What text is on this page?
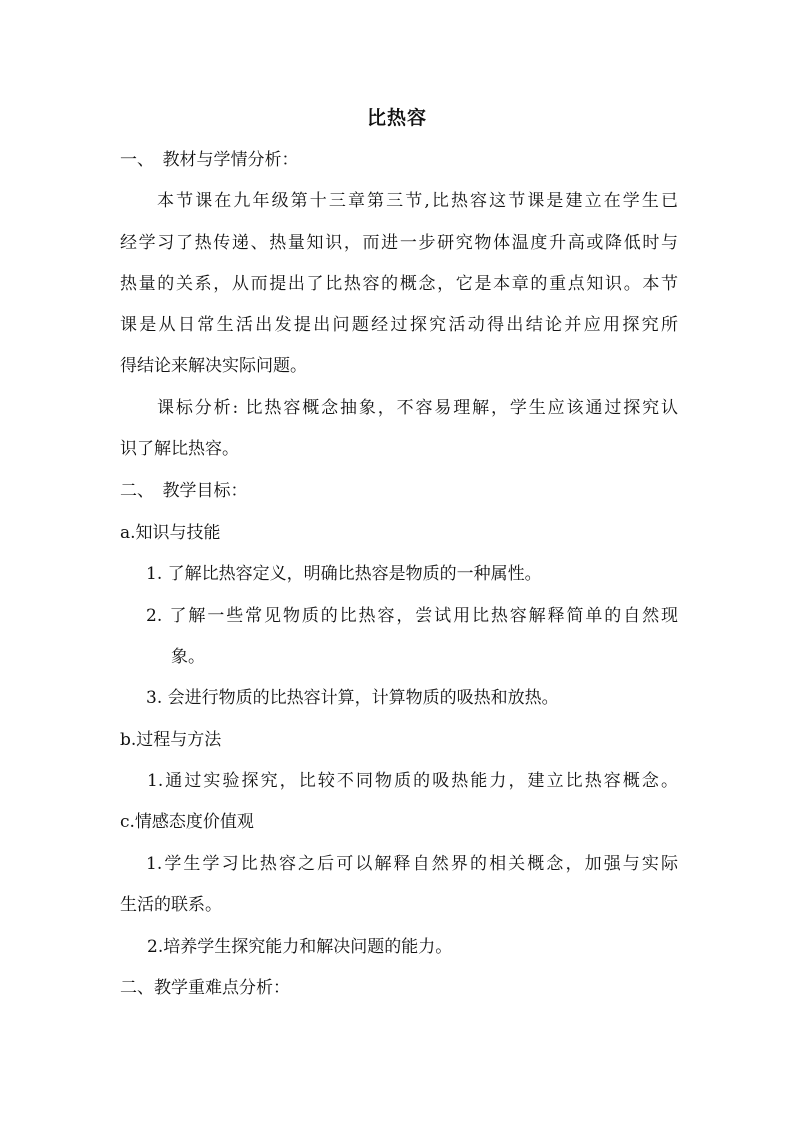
比热容
一、　教材与学情分析：
本节课在九年级第十三章第三节,比热容这节课是建立在学生已
经学习了热传递、热量知识，而进一步研究物体温度升高或降低时与
热量的关系，从而提出了比热容的概念，它是本章的重点知识。本节
课是从日常生活出发提出问题经过探究活动得出结论并应用探究所
得结论来解决实际问题。
课标分析: 比热容概念抽象，不容易理解，学生应该通过探究认
识了解比热容。
二、　教学目标：
a.知识与技能
1. 了解比热容定义，明确比热容是物质的一种属性。
2. 了解一些常见物质的比热容，尝试用比热容解释简单的自然现
象。
3. 会进行物质的比热容计算，计算物质的吸热和放热。
b.过程与方法
1.通过实验探究，比较不同物质的吸热能力，建立比热容概念。
c.情感态度价值观
1.学生学习比热容之后可以解释自然界的相关概念，加强与实际
生活的联系。
2.培养学生探究能力和解决问题的能力。
二、教学重难点分析：
